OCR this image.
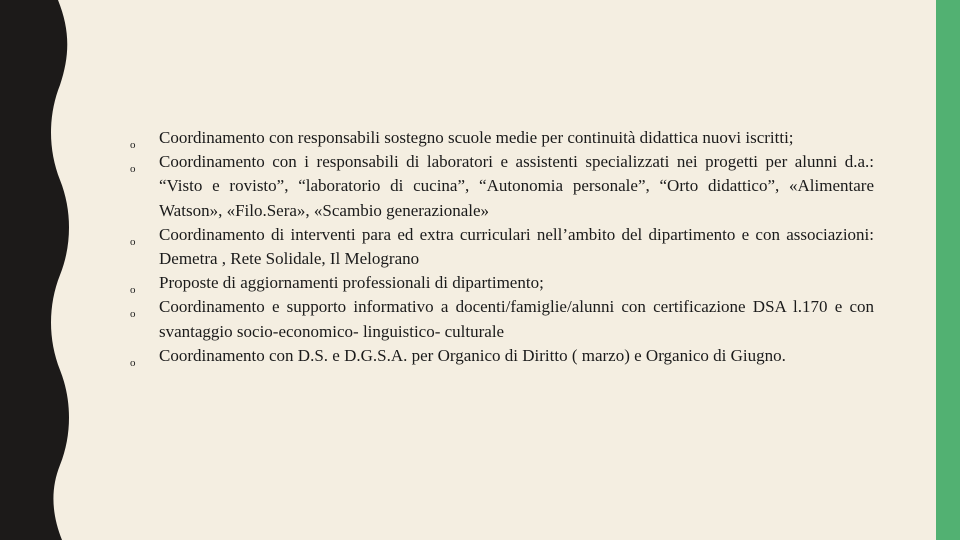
o Coordinamento con responsabili sostegno scuole medie per continuità didattica nuovi iscritti;
o Coordinamento con i responsabili di laboratori e assistenti specializzati nei progetti per alunni d.a.: “Visto e rovisto”, “laboratorio di cucina”, “Autonomia personale”, “Orto didattico”, «Alimentare Watson», «Filo.Sera», «Scambio generazionale»
o Coordinamento di interventi para ed extra curriculari nell’ambito del dipartimento e con associazioni: Demetra , Rete Solidale, Il Melograno
o Proposte di aggiornamenti professionali di dipartimento;
o Coordinamento e supporto informativo a docenti/famiglie/alunni con certificazione DSA l.170 e con svantaggio socio-economico- linguistico- culturale
o Coordinamento con D.S. e D.G.S.A. per Organico di Diritto ( marzo) e Organico di Giugno.
